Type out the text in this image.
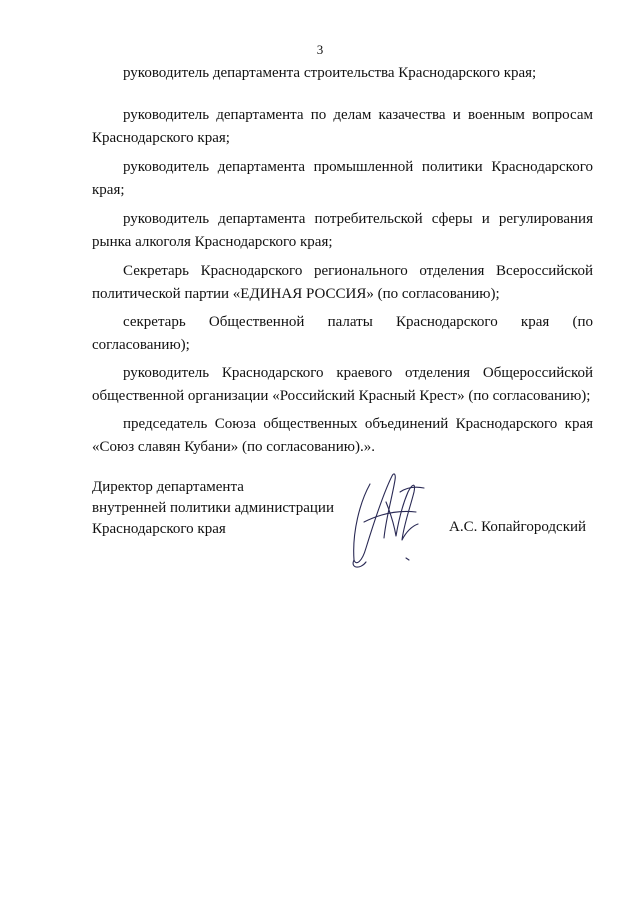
3

руководитель департамента строительства Краснодарского края;

руководитель департамента по делам казачества и военным вопросам Краснодарского края;

руководитель департамента промышленной политики Краснодарского края;

руководитель департамента потребительской сферы и регулирования рынка алкоголя Краснодарского края;

Секретарь Краснодарского регионального отделения Всероссийской политической партии «ЕДИНАЯ РОССИЯ» (по согласованию);

секретарь Общественной палаты Краснодарского края (по согласованию);

руководитель Краснодарского краевого отделения Общероссийской общественной организации «Российский Красный Крест» (по согласованию);

председатель Союза общественных объединений Краснодарского края «Союз славян Кубани» (по согласованию).».

Директор департамента
внутренней политики администрации
Краснодарского края	А.С. Копайгородский
